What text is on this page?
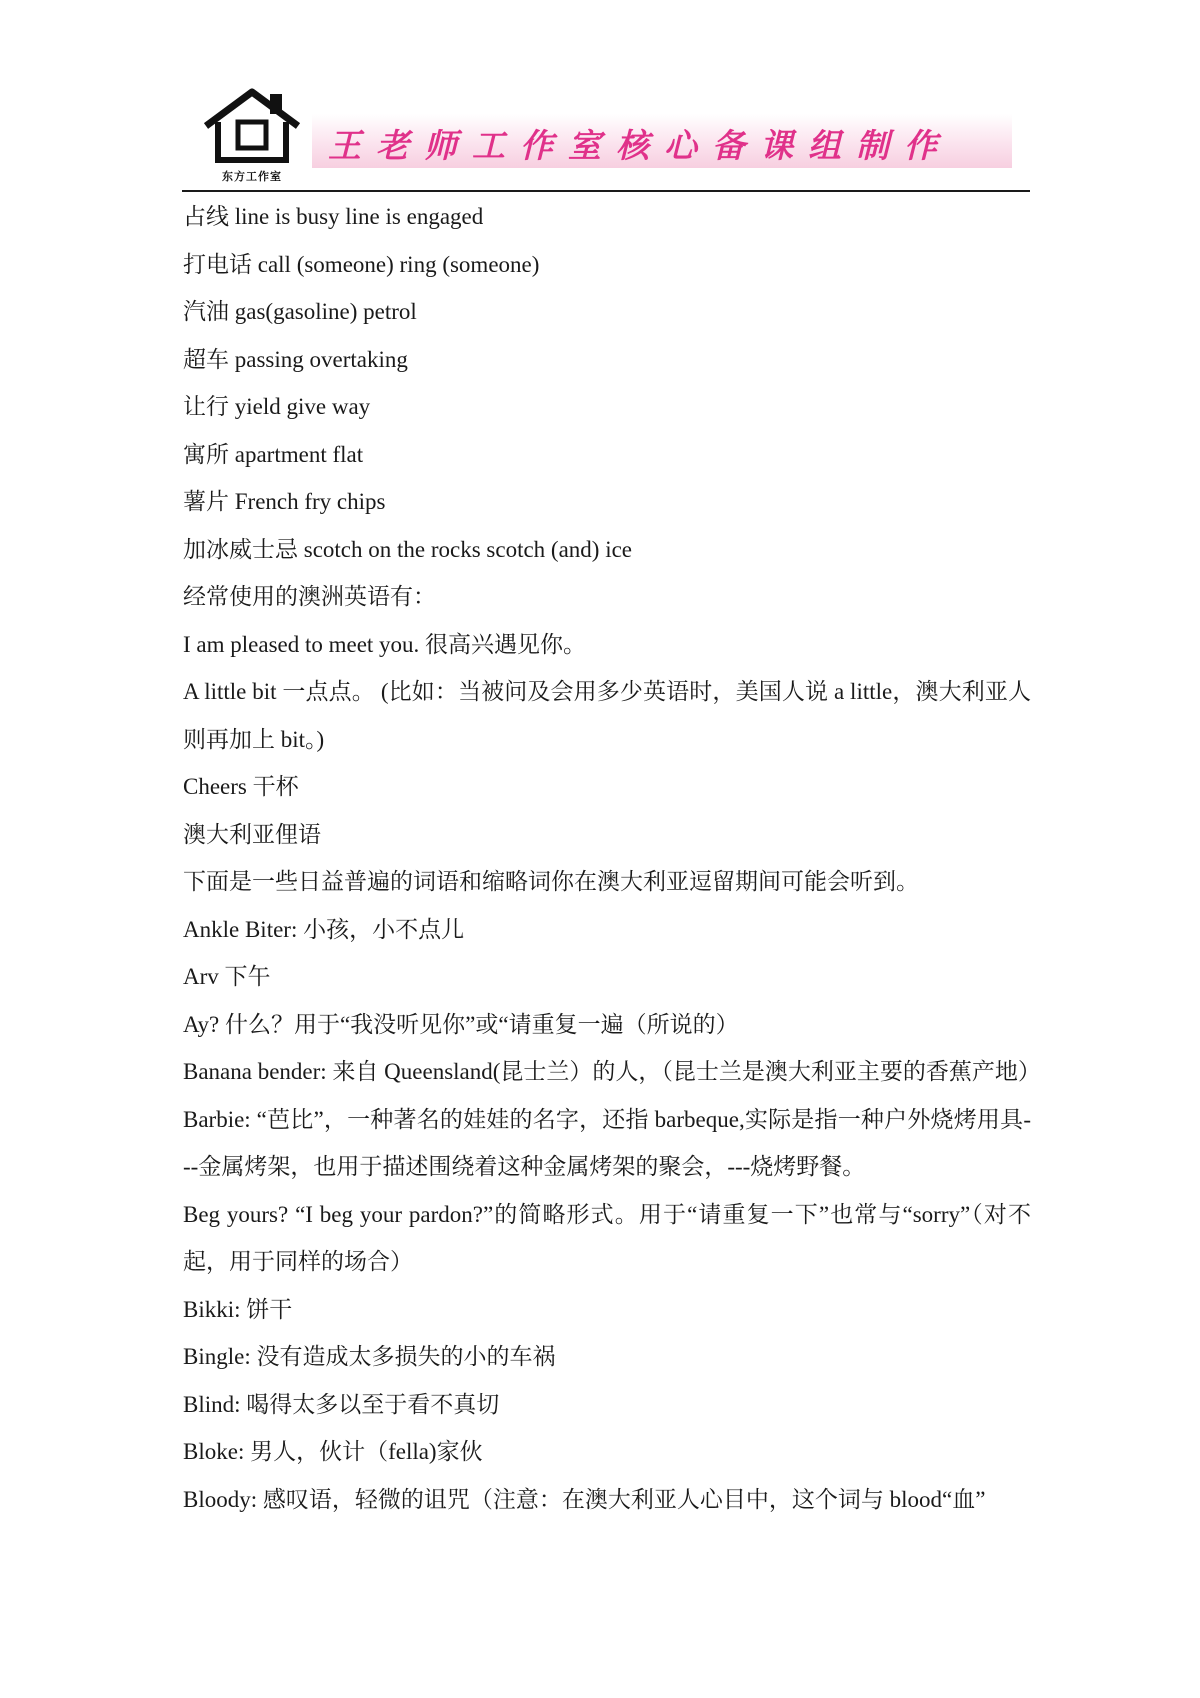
东方工作室
王老师工作室核心备课组制作
占线 line is busy line is engaged
打电话 call (someone) ring (someone)
汽油 gas(gasoline) petrol
超车 passing overtaking
让行 yield give way
寓所 apartment flat
薯片 French fry chips
加冰威士忌 scotch on the rocks scotch (and) ice
经常使用的澳洲英语有：
I am pleased to meet you. 很高兴遇见你。
A little bit 一点点。 (比如：当被问及会用多少英语时，美国人说 a little，澳大利亚人则再加上 bit。)
Cheers 干杯
澳大利亚俚语
下面是一些日益普遍的词语和缩略词你在澳大利亚逗留期间可能会听到。
Ankle Biter: 小孩，小不点儿
Arv 下午
Ay? 什么？用于“我没听见你”或“请重复一遍（所说的）
Banana bender: 来自 Queensland(昆士兰）的人，（昆士兰是澳大利亚主要的香蕉产地）
Barbie: “芭比”，一种著名的娃娃的名字，还指 barbeque,实际是指一种户外烧烤用具---金属烤架，也用于描述围绕着这种金属烤架的聚会，---烧烤野餐。
Beg yours? “I beg your pardon?”的简略形式。用于“请重复一下”也常与“sorry”（对不起，用于同样的场合）
Bikki: 饼干
Bingle: 没有造成太多损失的小的车祸
Blind: 喝得太多以至于看不真切
Bloke: 男人，伙计（fella)家伙
Bloody: 感叹语，轻微的诅咒（注意：在澳大利亚人心目中，这个词与 blood“血”
